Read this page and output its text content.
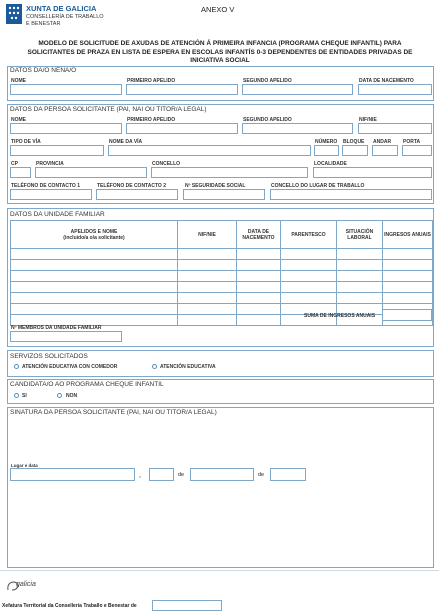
XUNTA DE GALICIA
CONSELLERÍA DE TRABALLO
E BENESTAR
ANEXO V
MODELO DE SOLICITUDE DE AXUDAS DE ATENCIÓN Á PRIMEIRA INFANCIA (PROGRAMA CHEQUE INFANTIL) PARA
SOLICITANTES DE PRAZA EN LISTA DE ESPERA EN ESCOLAS INFANTÍS 0-3 DEPENDENTES DE ENTIDADES PRIVADAS DE
INICIATIVA SOCIAL
DATOS DA/O NENA/O
NOME	PRIMEIRO APELIDO	SEGUNDO APELIDO	DATA DE NACEMENTO
DATOS DA PERSOA SOLICITANTE (PAI, NAI OU TITOR/A LEGAL)
NOME	PRIMEIRO APELIDO	SEGUNDO APELIDO	NIF/NIE
TIPO DE VÍA	NOME DA VÍA	NÚMERO BLOQUE ANDAR PORTA
CP	PROVINCIA	CONCELLO	LOCALIDADE
TELÉFONO DE CONTACTO 1	TELÉFONO DE CONTACTO 2	Nº SEGURIDADE SOCIAL	CONCELLO DO LUGAR DE TRABALLO
DATOS DA UNIDADE FAMILIAR
APELIDOS E NOME
(incluído/a o/a solicitante)	NIF/NIE	DATA DE NACEMENTO	PARENTESCO	SITUACIÓN LABORAL	INGRESOS ANUAIS

SUMA DE INGRESOS ANUAIS
Nº MEMBROS DA UNIDADE FAMILIAR
SERVIZOS SOLICITADOS
ATENCIÓN EDUCATIVA CON COMEDOR	ATENCIÓN EDUCATIVA
CANDIDATA/O AO PROGRAMA CHEQUE INFANTIL
SI	NON
SINATURA DA PERSOA SOLICITANTE (PAI, NAI OU TITOR/A LEGAL)
Lugar e data
,	de	de
galicia
Xefatura Territorial da Consellería Traballo e Benestar de
